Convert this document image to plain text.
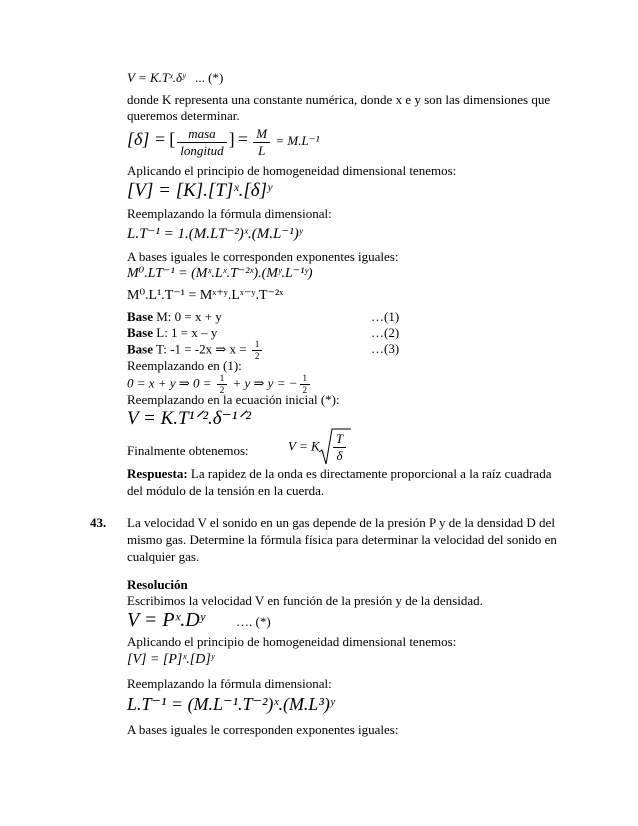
V = K.Tˣ.δʸ ... (*)
donde K representa una constante numérica, donde x e y son las dimensiones que
queremos determinar.
[δ] = [ $\frac{\text{masa}}{\text{longitud}}$ ] = $\frac{M}{L} = M.L^{-1}$
Aplicando el principio de homogeneidad dimensional tenemos:
[V] = [K].[T]ˣ.[δ]ʸ
Reemplazando la fórmula dimensional:
L.T⁻¹ = 1.(M.LT⁻²)ˣ.(M.L⁻¹)ʸ
A bases iguales le corresponden exponentes iguales:
M⁰.LT⁻¹ = (Mˣ.Lˣ.T⁻²ˣ).(Mʸ.L⁻¹ʸ)
M⁰.L¹.T⁻¹ = Mˣ⁺ʸ.Lˣ⁻ʸ.T⁻²ˣ
Base M: 0 = x + y	…(1)
Base L: 1 = x – y	…(2)
Base T: -1 = -2x ⇒ $x = \frac{1}{2}$	…(3)
Reemplazando en (1):
0 = x + y ⇒ $0 = \frac{1}{2} + y$ ⇒ y = − $\frac{1}{2}$
Reemplazando en la ecuación inicial (*):
V = K.T¹ᐟ².δ⁻¹ᐟ²
Finalmente obtenemos:	V = K $\frac{T}{\delta}$
Respuesta: La rapidez de la onda es directamente proporcional a la raíz cuadrada
del módulo de la tensión en la cuerda.
43. La velocidad V el sonido en un gas depende de la presión P y de la densidad D del
mismo gas. Determine la fórmula física para determinar la velocidad del sonido en
cualquier gas.
Resolución
Escribimos la velocidad V en función de la presión y de la densidad.
V = Pˣ.Dʸ …. (*)
Aplicando el principio de homogeneidad dimensional tenemos:
[V] = [P]ˣ.[D]ʸ
Reemplazando la fórmula dimensional:
L.T⁻¹ = (M.L⁻¹.T⁻²)ˣ.(M.L³)ʸ
A bases iguales le corresponden exponentes iguales:
